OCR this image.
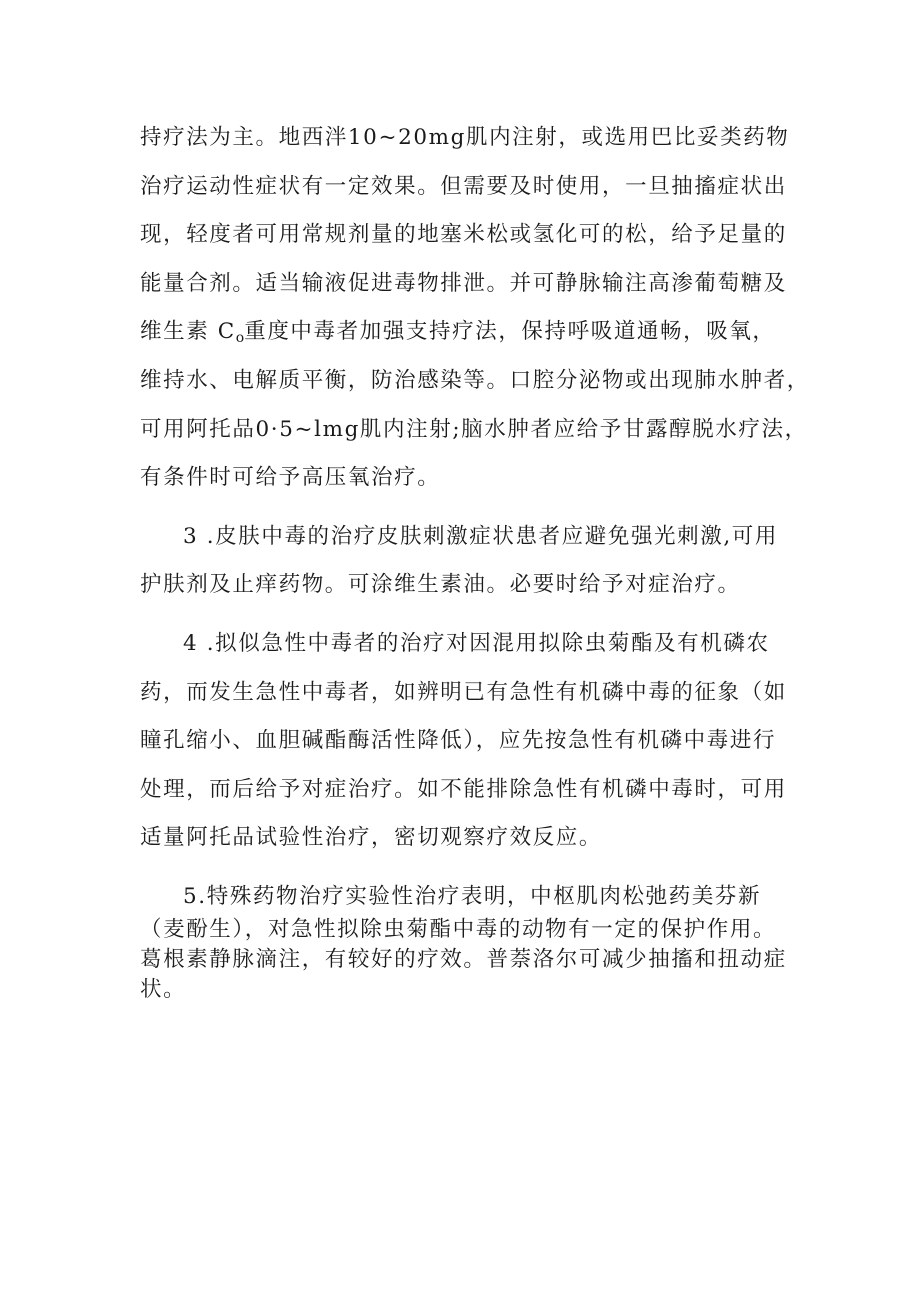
持疗法为主。地西泮10~20mg肌内注射，或选用巴比妥类药物
治疗运动性症状有一定效果。但需要及时使用，一旦抽搐症状出
现，轻度者可用常规剂量的地塞米松或氢化可的松，给予足量的
能量合剂。适当输液促进毒物排泄。并可静脉输注高渗葡萄糖及
维生素 $C_o$重度中毒者加强支持疗法，保持呼吸道通畅，吸氧，
维持水、电解质平衡，防治感染等。口腔分泌物或出现肺水肿者，
可用阿托品0·5~lmg肌内注射;脑水肿者应给予甘露醇脱水疗法，
有条件时可给予高压氧治疗。
3 .皮肤中毒的治疗皮肤刺激症状患者应避免强光刺激,可用
护肤剂及止痒药物。可涂维生素油。必要时给予对症治疗。
4 .拟似急性中毒者的治疗对因混用拟除虫菊酯及有机磷农
药，而发生急性中毒者，如辨明已有急性有机磷中毒的征象（如
瞳孔缩小、血胆碱酯酶活性降低），应先按急性有机磷中毒进行
处理，而后给予对症治疗。如不能排除急性有机磷中毒时，可用
适量阿托品试验性治疗，密切观察疗效反应。
5.特殊药物治疗实验性治疗表明，中枢肌肉松弛药美芬新
（麦酚生），对急性拟除虫菊酯中毒的动物有一定的保护作用。
葛根素静脉滴注，有较好的疗效。普萘洛尔可减少抽搐和扭动症
状。
